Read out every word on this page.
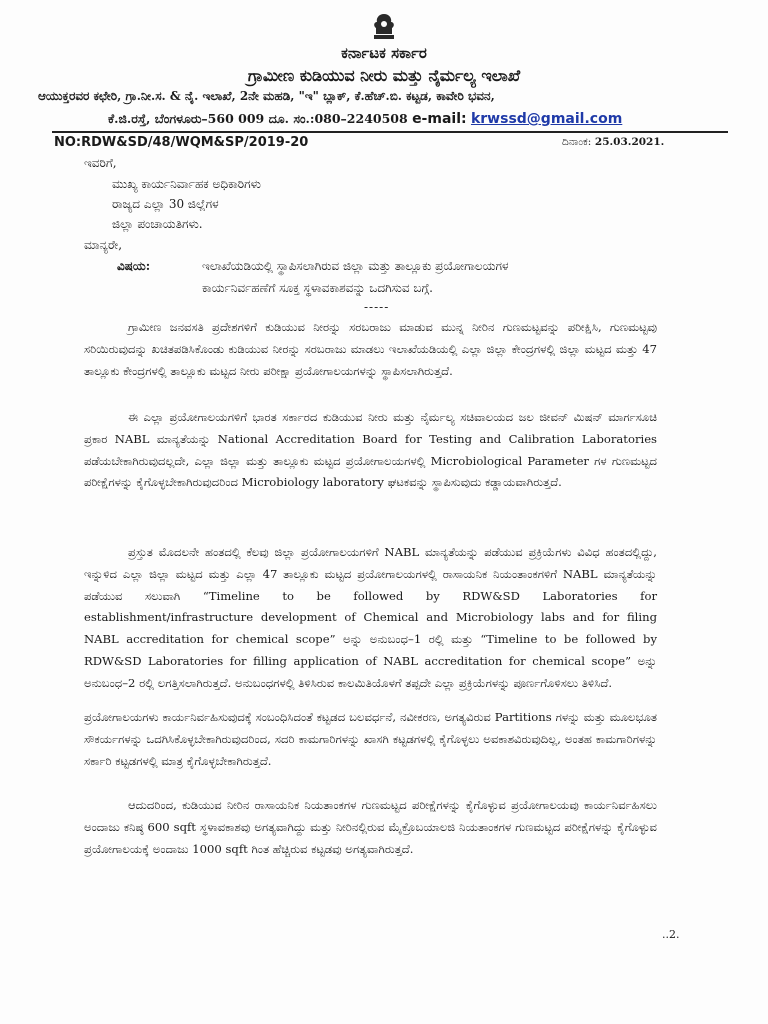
ಕರ್ನಾಟಕ ಸರ್ಕಾರ
ಗ್ರಾಮೀಣ ಕುಡಿಯುವ ನೀರು ಮತ್ತು ನೈರ್ಮಲ್ಯ ಇಲಾಖೆ
ಆಯುಕ್ತರವರ ಕಛೇರಿ, ಗ್ರಾ.ನೀ.ಸ. & ನೈ. ಇಲಾಖೆ, 2ನೇ ಮಹಡಿ, "ಇ" ಬ್ಲಾಕ್, ಕೆ.ಹೆಚ್.ಬಿ. ಕಟ್ಟಡ, ಕಾವೇರಿ ಭವನ,
ಕೆ.ಜಿ.ರಸ್ತೆ, ಬೆಂಗಳೂರು–560 009 ದೂ. ಸಂ.:080–2240508 e-mail: krwssd@gmail.com
NO:RDW&SD/48/WQM&SP/2019-20	ದಿನಾಂಕ: 25.03.2021.
ಇವರಿಗೆ,
ಮುಖ್ಯ ಕಾರ್ಯನಿರ್ವಾಹಕ ಅಧಿಕಾರಿಗಳು
ರಾಜ್ಯದ ಎಲ್ಲಾ 30 ಜಿಲ್ಲೆಗಳ
ಜಿಲ್ಲಾ ಪಂಚಾಯತಿಗಳು.
ಮಾನ್ಯರೇ,
ವಿಷಯ:	ಇಲಾಖೆಯಡಿಯಲ್ಲಿ ಸ್ಥಾಪಿಸಲಾಗಿರುವ ಜಿಲ್ಲಾ ಮತ್ತು ತಾಲ್ಲೂಕು ಪ್ರಯೋಗಾಲಯಗಳ
ಕಾರ್ಯನಿರ್ವಹಣೆಗೆ ಸೂಕ್ತ ಸ್ಥಳಾವಕಾಶವನ್ನು ಒದಗಿಸುವ ಬಗ್ಗೆ.
-----

ಗ್ರಾಮೀಣ ಜನವಸತಿ ಪ್ರದೇಶಗಳಿಗೆ ಕುಡಿಯುವ ನೀರನ್ನು ಸರಬರಾಜು ಮಾಡುವ ಮುನ್ನ ನೀರಿನ ಗುಣಮಟ್ಟವನ್ನು ಪರೀಕ್ಷಿಸಿ, ಗುಣಮಟ್ಟವು ಸರಿಯಿರುವುದನ್ನು ಖಚಿತಪಡಿಸಿಕೊಂಡು ಕುಡಿಯುವ ನೀರನ್ನು ಸರಬರಾಜು ಮಾಡಲು ಇಲಾಖೆಯಡಿಯಲ್ಲಿ ಎಲ್ಲಾ ಜಿಲ್ಲಾ ಕೇಂದ್ರಗಳಲ್ಲಿ ಜಿಲ್ಲಾ ಮಟ್ಟದ ಮತ್ತು 47 ತಾಲ್ಲೂಕು ಕೇಂದ್ರಗಳಲ್ಲಿ ತಾಲ್ಲೂಕು ಮಟ್ಟದ ನೀರು ಪರೀಕ್ಷಾ ಪ್ರಯೋಗಾಲಯಗಳನ್ನು ಸ್ಥಾಪಿಸಲಾಗಿರುತ್ತದೆ.

ಈ ಎಲ್ಲಾ ಪ್ರಯೋಗಾಲಯಗಳಿಗೆ ಭಾರತ ಸರ್ಕಾರದ ಕುಡಿಯುವ ನೀರು ಮತ್ತು ನೈರ್ಮಲ್ಯ ಸಚಿವಾಲಯದ ಜಲ ಜೀವನ್ ಮಿಷನ್ ಮಾರ್ಗಸೂಚಿ ಪ್ರಕಾರ NABL ಮಾನ್ಯತೆಯನ್ನು National Accreditation Board for Testing and Calibration Laboratories ಪಡೆಯಬೇಕಾಗಿರುವುದಲ್ಲದೇ, ಎಲ್ಲಾ ಜಿಲ್ಲಾ ಮತ್ತು ತಾಲ್ಲೂಕು ಮಟ್ಟದ ಪ್ರಯೋಗಾಲಯಗಳಲ್ಲಿ Microbiological Parameter ಗಳ ಗುಣಮಟ್ಟದ ಪರೀಕ್ಷೆಗಳನ್ನು ಕೈಗೊಳ್ಳಬೇಕಾಗಿರುವುದರಿಂದ Microbiology laboratory ಘಟಕವನ್ನು ಸ್ಥಾಪಿಸುವುದು ಕಡ್ಡಾಯವಾಗಿರುತ್ತದೆ.

ಪ್ರಸ್ತುತ ಮೊದಲನೇ ಹಂತದಲ್ಲಿ ಕೆಲವು ಜಿಲ್ಲಾ ಪ್ರಯೋಗಾಲಯಗಳಿಗೆ NABL ಮಾನ್ಯತೆಯನ್ನು ಪಡೆಯುವ ಪ್ರಕ್ರಿಯೆಗಳು ವಿವಿಧ ಹಂತದಲ್ಲಿದ್ದು, ಇನ್ನುಳಿದ ಎಲ್ಲಾ ಜಿಲ್ಲಾ ಮಟ್ಟದ ಮತ್ತು ಎಲ್ಲಾ 47 ತಾಲ್ಲೂಕು ಮಟ್ಟದ ಪ್ರಯೋಗಾಲಯಗಳಲ್ಲಿ ರಾಸಾಯನಿಕ ನಿಯಂತಾಂಕಗಳಿಗೆ NABL ಮಾನ್ಯತೆಯನ್ನು ಪಡೆಯುವ ಸಲುವಾಗಿ “Timeline to be followed by RDW&SD Laboratories for establishment/infrastructure development of Chemical and Microbiology labs and for filing NABL accreditation for chemical scope” ಅನ್ನು ಅನುಬಂಧ–1 ರಲ್ಲಿ ಮತ್ತು “Timeline to be followed by RDW&SD Laboratories for filling application of NABL accreditation for chemical scope” ಅನ್ನು ಅನುಬಂಧ–2 ರಲ್ಲಿ ಲಗತ್ತಿಸಲಾಗಿರುತ್ತದೆ. ಅನುಬಂಧಗಳಲ್ಲಿ ತಿಳಿಸಿರುವ ಕಾಲಮಿತಿಯೊಳಗೆ ತಪ್ಪದೇ ಎಲ್ಲಾ ಪ್ರಕ್ರಿಯೆಗಳನ್ನು ಪೂರ್ಣಗೊಳಿಸಲು ತಿಳಿಸಿದೆ.

ಪ್ರಯೋಗಾಲಯಗಳು ಕಾರ್ಯನಿರ್ವಹಿಸುವುದಕ್ಕೆ ಸಂಬಂಧಿಸಿದಂತೆ ಕಟ್ಟಡದ ಬಲವರ್ಧನೆ, ನವೀಕರಣ, ಅಗತ್ಯವಿರುವ Partitions ಗಳನ್ನು ಮತ್ತು ಮೂಲಭೂತ ಸೌಕರ್ಯಗಳನ್ನು ಒದಗಿಸಿಕೊಳ್ಳಬೇಕಾಗಿರುವುದರಿಂದ, ಸದರಿ ಕಾಮಗಾರಿಗಳನ್ನು ಖಾಸಗಿ ಕಟ್ಟಡಗಳಲ್ಲಿ ಕೈಗೊಳ್ಳಲು ಅವಕಾಶವಿರುವುದಿಲ್ಲ, ಅಂತಹ ಕಾಮಗಾರಿಗಳನ್ನು ಸರ್ಕಾರಿ ಕಟ್ಟಡಗಳಲ್ಲಿ ಮಾತ್ರ ಕೈಗೊಳ್ಳಬೇಕಾಗಿರುತ್ತದೆ.

ಆದುದರಿಂದ, ಕುಡಿಯುವ ನೀರಿನ ರಾಸಾಯನಿಕ ನಿಯತಾಂಕಗಳ ಗುಣಮಟ್ಟದ ಪರೀಕ್ಷೆಗಳನ್ನು ಕೈಗೊಳ್ಳುವ ಪ್ರಯೋಗಾಲಯವು ಕಾರ್ಯನಿರ್ವಹಿಸಲು ಅಂದಾಜು ಕನಿಷ್ಠ 600 sqft ಸ್ಥಳಾವಕಾಶವು ಅಗತ್ಯವಾಗಿದ್ದು ಮತ್ತು ನೀರಿನಲ್ಲಿರುವ ಮೈಕ್ರೊಬಯಾಲಜಿ ನಿಯತಾಂಕಗಳ ಗುಣಮಟ್ಟದ ಪರೀಕ್ಷೆಗಳನ್ನು ಕೈಗೊಳ್ಳುವ ಪ್ರಯೋಗಾಲಯಕ್ಕೆ ಅಂದಾಜು 1000 sqft ಗಿಂತ ಹೆಚ್ಚಿರುವ ಕಟ್ಟಡವು ಅಗತ್ಯವಾಗಿರುತ್ತದೆ.

..2.
